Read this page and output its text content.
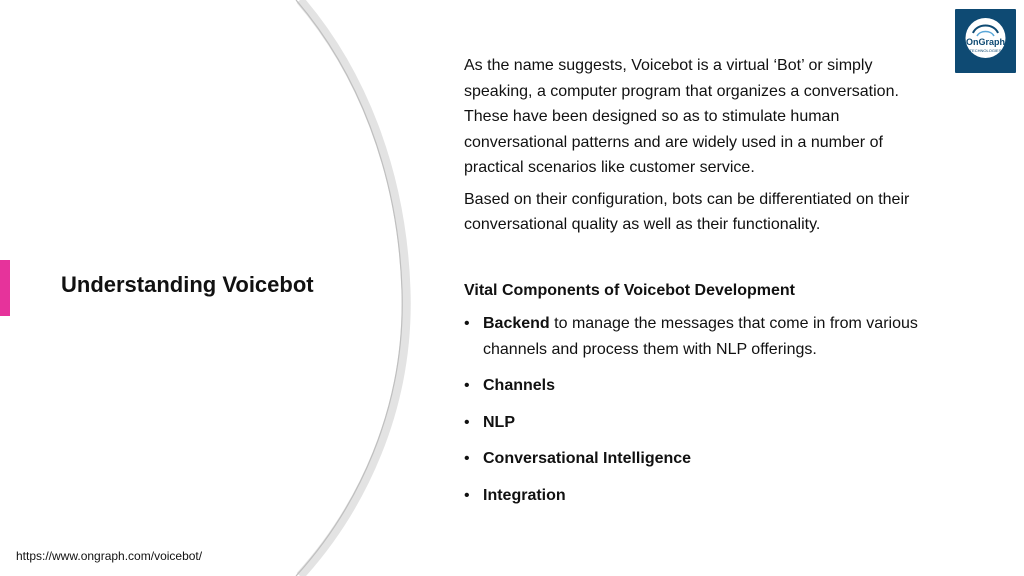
Understanding Voicebot
OnGraph
TECHNOLOGIES

As the name suggests, Voicebot is a virtual ‘Bot’ or simply speaking, a computer program that organizes a conversation. These have been designed so as to stimulate human conversational patterns and are widely used in a number of practical scenarios like customer service.

Based on their configuration, bots can be differentiated on their conversational quality as well as their functionality.

Vital Components of Voicebot Development
• Backend to manage the messages that come in from various channels and process them with NLP offerings.
• Channels
• NLP
• Conversational Intelligence
• Integration
https://www.ongraph.com/voicebot/
